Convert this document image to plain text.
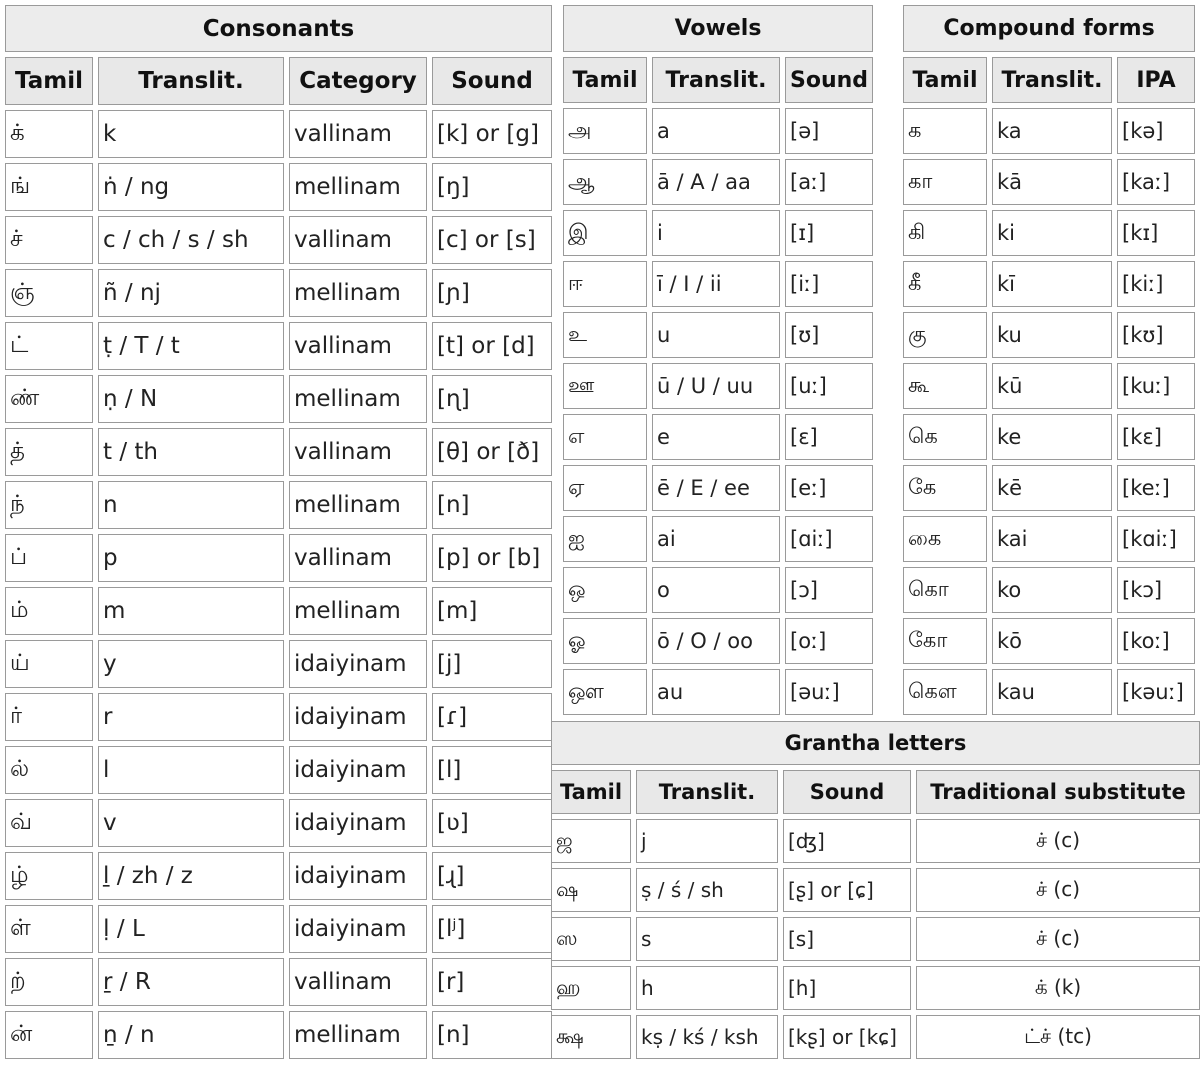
Consonants			
Tamil	Translit.	Category	Sound
க்	k	vallinam	[k] or [g]
ங்	ṅ / ng	mellinam	[ŋ]
ச்	c / ch / s / sh	vallinam	[c] or [s]
ஞ்	ñ / nj	mellinam	[ɲ]
ட்	ṭ / T / t	vallinam	[t] or [d]
ண்	ṇ / N	mellinam	[ɳ]
த்	t / th	vallinam	[θ] or [ð]
ந்	n	mellinam	[n]
ப்	p	vallinam	[p] or [b]
ம்	m	mellinam	[m]
ய்	y	idaiyinam	[j]
ர்	r	idaiyinam	[ɾ]
ல்	l	idaiyinam	[l]
வ்	v	idaiyinam	[ʋ]
ழ்	ḻ / zh / z	idaiyinam	[ɻ]
ள்	ḷ / L	idaiyinam	[lʲ]
ற்	ṟ / R	vallinam	[r]
ன்	ṉ / n	mellinam	[n]
Vowels		
Tamil	Translit.	Sound
அ	a	[ə]
ஆ	ā / A / aa	[aː]
இ	i	[ɪ]
ஈ	ī / I / ii	[iː]
உ	u	[ʊ]
ஊ	ū / U / uu	[uː]
எ	e	[ɛ]
ஏ	ē / E / ee	[eː]
ஐ	ai	[ɑiː]
ஒ	o	[ɔ]
ஓ	ō / O / oo	[oː]
ஔ	au	[əuː]
Compound forms		
Tamil	Translit.	IPA
க	ka	[kə]
கா	kā	[kaː]
கி	ki	[kɪ]
கீ	kī	[kiː]
கு	ku	[kʊ]
கூ	kū	[kuː]
கெ	ke	[kɛ]
கே	kē	[keː]
கை	kai	[kɑiː]
கொ	ko	[kɔ]
கோ	kō	[koː]
கௌ	kau	[kəuː]
Grantha letters			
Tamil	Translit.	Sound	Traditional substitute
ஜ	j	[ʤ]	ச் (c)
ஷ	ṣ / ś / sh	[ʂ] or [ɕ]	ச் (c)
ஸ	s	[s]	ச் (c)
ஹ	h	[h]	க் (k)
க்ஷ	kṣ / kś / ksh	[kʂ] or [kɕ]	ட்ச் (tc)
